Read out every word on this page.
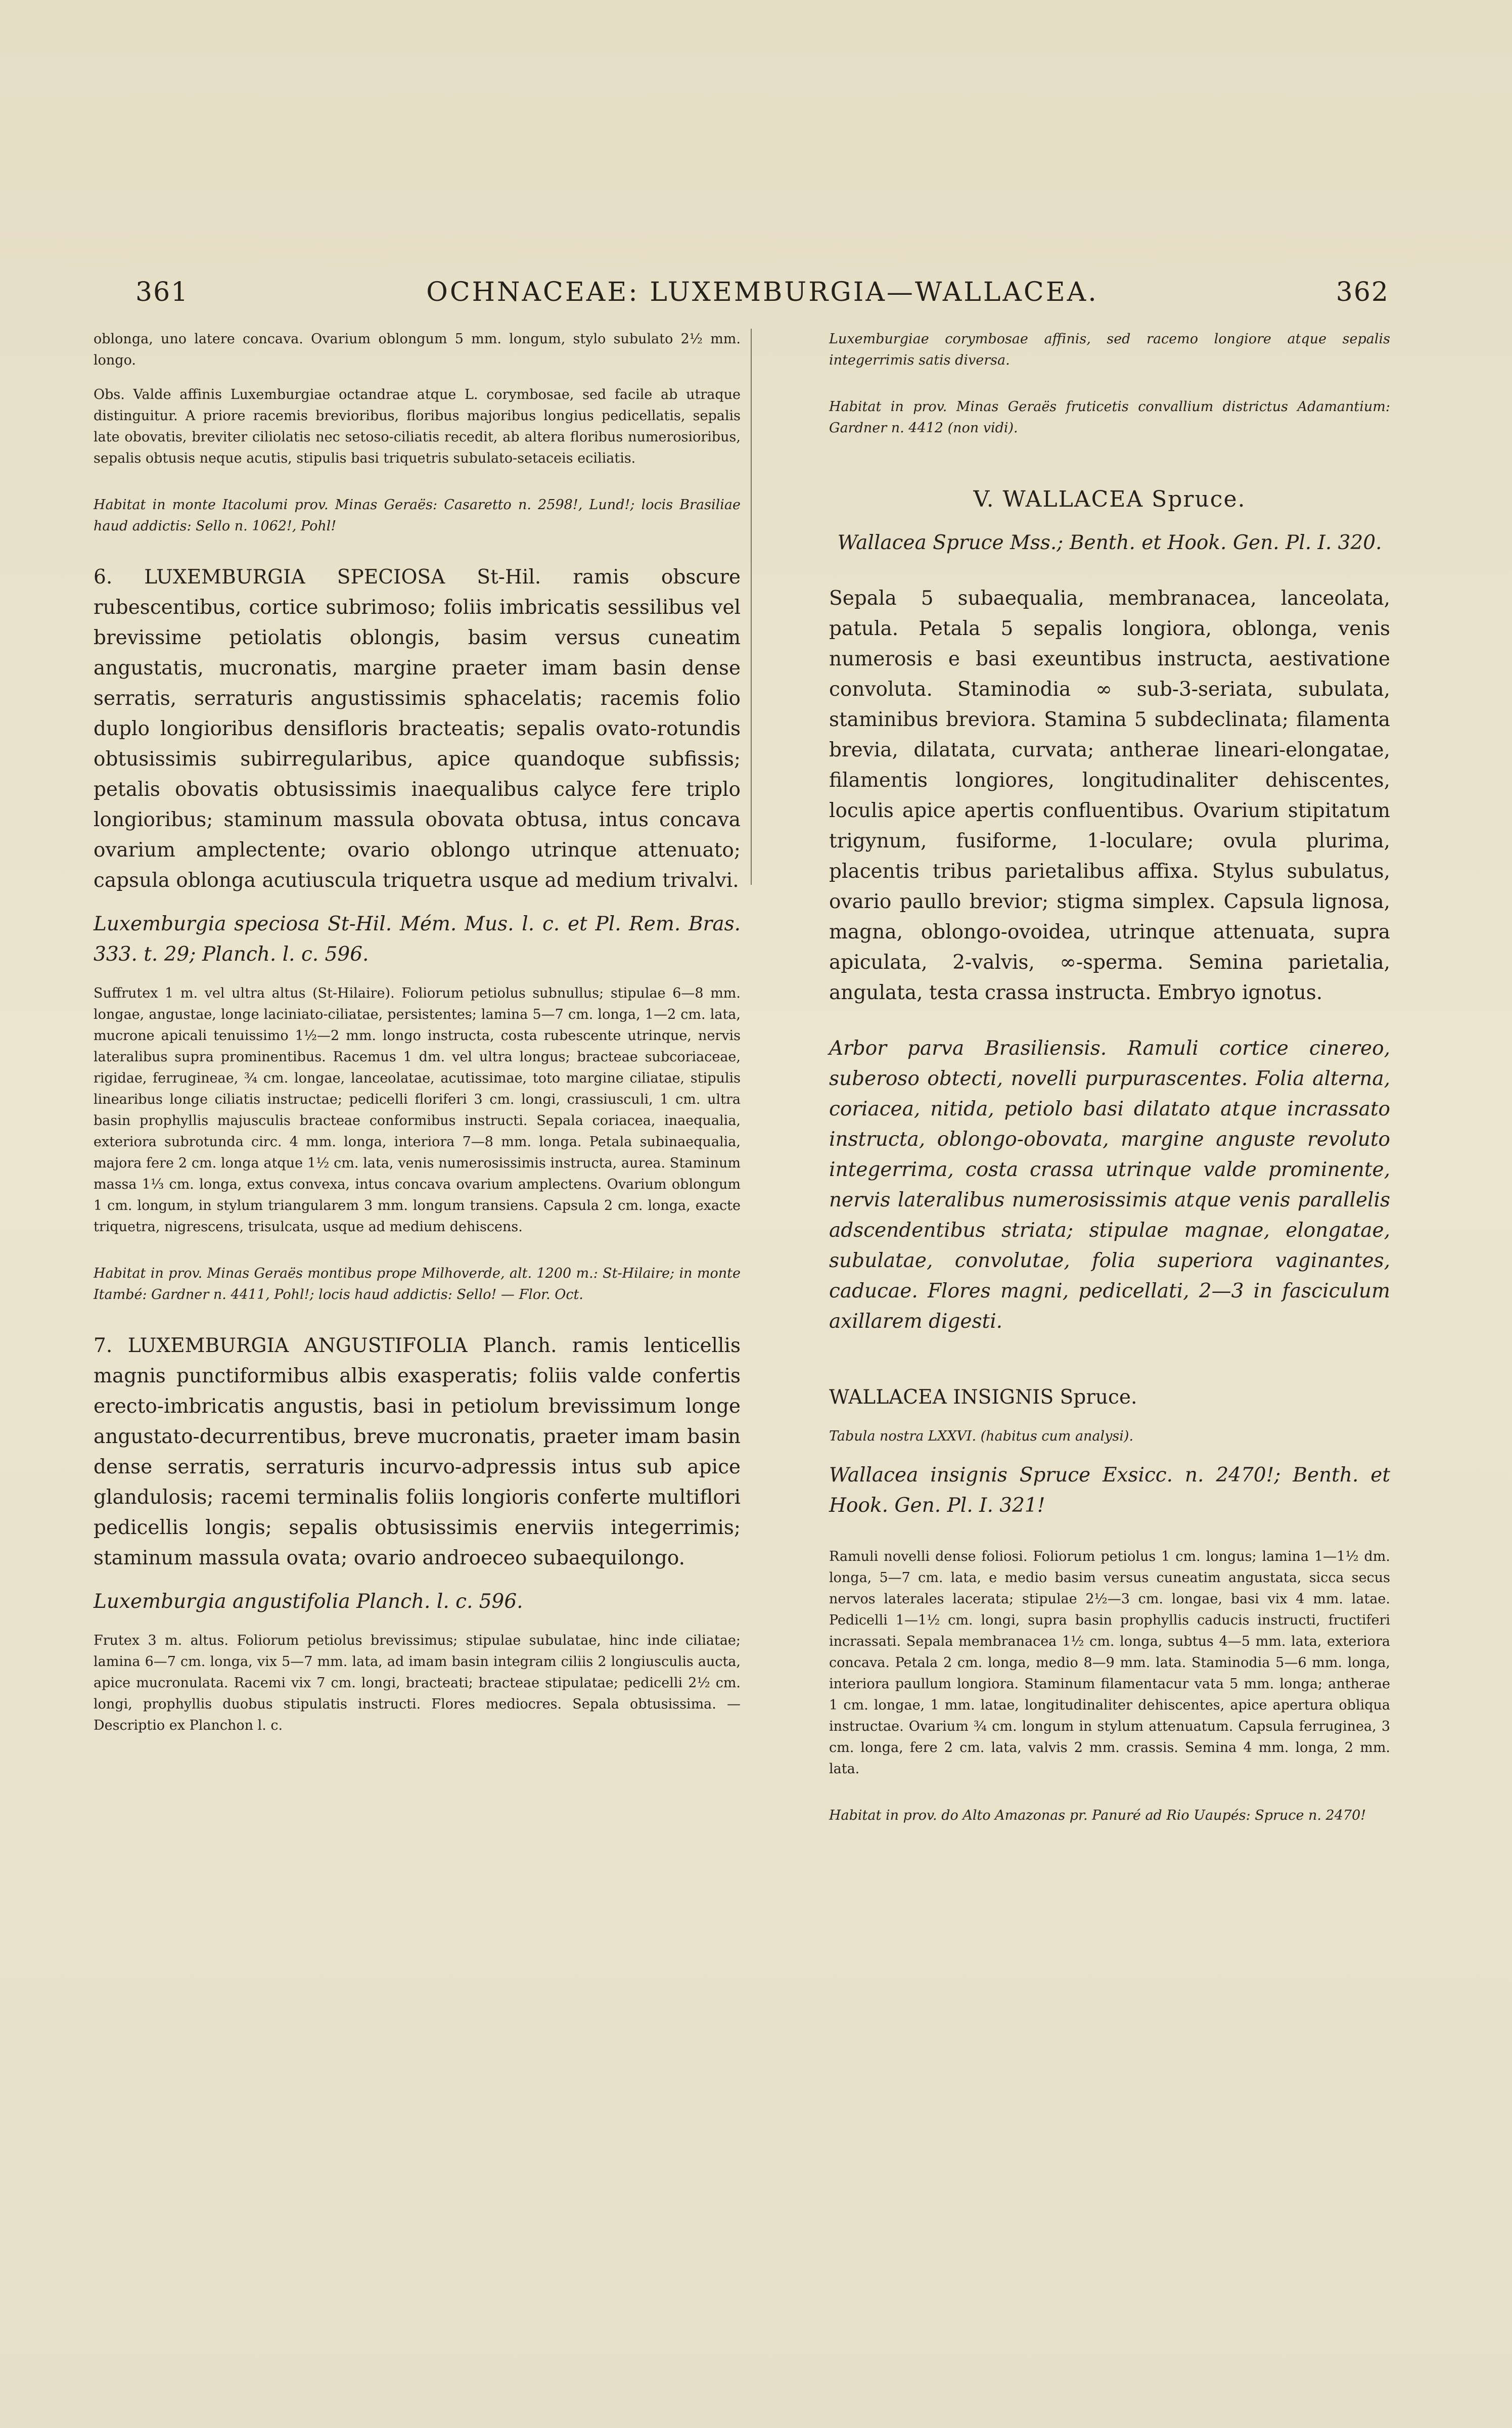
361	OCHNACEAE: LUXEMBURGIA—WALLACEA.	362

oblonga, uno latere concava. Ovarium oblongum 5 mm. longum, stylo subulato 2½ mm. longo.

Obs. Valde affinis Luxemburgiae octandrae atque L. corymbosae, sed facile ab utraque distinguitur. A priore racemis brevioribus, floribus majoribus longius pedicellatis, sepalis late obovatis, breviter ciliolatis nec setoso-ciliatis recedit, ab altera floribus numerosioribus, sepalis obtusis neque acutis, stipulis basi triquetris subulato-setaceis eciliatis.

Habitat in monte Itacolumi prov. Minas Geraës: Casaretto n. 2598!, Lund!; locis Brasiliae haud addictis: Sello n. 1062!, Pohl!

6. LUXEMBURGIA SPECIOSA St-Hil. ramis obscure rubescentibus, cortice subrimoso; foliis imbricatis sessilibus vel brevissime petiolatis oblongis, basim versus cuneatim angustatis, mucronatis, margine praeter imam basin dense serratis, serraturis angustissimis sphacelatis; racemis folio duplo longioribus densifloris bracteatis; sepalis ovato-rotundis obtusissimis subirregularibus, apice quandoque subfissis; petalis obovatis obtusissimis inaequalibus calyce fere triplo longioribus; staminum massula obovata obtusa, intus concava ovarium amplectente; ovario oblongo utrinque attenuato; capsula oblonga acutiuscula triquetra usque ad medium trivalvi.

Luxemburgia speciosa St-Hil. Mém. Mus. l. c. et Pl. Rem. Bras. 333. t. 29; Planch. l. c. 596.

Suffrutex 1 m. vel ultra altus (St-Hilaire). Foliorum petiolus subnullus; stipulae 6—8 mm. longae, angustae, longe laciniato-ciliatae, persistentes; lamina 5—7 cm. longa, 1—2 cm. lata, mucrone apicali tenuissimo 1½—2 mm. longo instructa, costa rubescente utrinque, nervis lateralibus supra prominentibus. Racemus 1 dm. vel ultra longus; bracteae subcoriaceae, rigidae, ferrugineae, ¾ cm. longae, lanceolatae, acutissimae, toto margine ciliatae, stipulis linearibus longe ciliatis instructae; pedicelli floriferi 3 cm. longi, crassiusculi, 1 cm. ultra basin prophyllis majusculis bracteae conformibus instructi. Sepala coriacea, inaequalia, exteriora subrotunda circ. 4 mm. longa, interiora 7—8 mm. longa. Petala subinaequalia, majora fere 2 cm. longa atque 1½ cm. lata, venis numerosissimis instructa, aurea. Staminum massa 1⅓ cm. longa, extus convexa, intus concava ovarium amplectens. Ovarium oblongum 1 cm. longum, in stylum triangularem 3 mm. longum transiens. Capsula 2 cm. longa, exacte triquetra, nigrescens, trisulcata, usque ad medium dehiscens.

Habitat in prov. Minas Geraës montibus prope Milhoverde, alt. 1200 m.: St-Hilaire; in monte Itambé: Gardner n. 4411, Pohl!; locis haud addictis: Sello! — Flor. Oct.

7. LUXEMBURGIA ANGUSTIFOLIA Planch. ramis lenticellis magnis punctiformibus albis exasperatis; foliis valde confertis erecto-imbricatis angustis, basi in petiolum brevissimum longe angustato-decurrentibus, breve mucronatis, praeter imam basin dense serratis, serraturis incurvo-adpressis intus sub apice glandulosis; racemi terminalis foliis longioris conferte multiflori pedicellis longis; sepalis obtusissimis enerviis integerrimis; staminum massula ovata; ovario androeceo subaequilongo.

Luxemburgia angustifolia Planch. l. c. 596.

Frutex 3 m. altus. Foliorum petiolus brevissimus; stipulae subulatae, hinc inde ciliatae; lamina 6—7 cm. longa, vix 5—7 mm. lata, ad imam basin integram ciliis 2 longiusculis aucta, apice mucronulata. Racemi vix 7 cm. longi, bracteati; bracteae stipulatae; pedicelli 2½ cm. longi, prophyllis duobus stipulatis instructi. Flores mediocres. Sepala obtusissima. — Descriptio ex Planchon l. c.

Luxemburgiae corymbosae affinis, sed racemo longiore atque sepalis integerrimis satis diversa.

Habitat in prov. Minas Geraës fruticetis convallium districtus Adamantium: Gardner n. 4412 (non vidi).

V. WALLACEA Spruce.

Wallacea Spruce Mss.; Benth. et Hook. Gen. Pl. I. 320.

Sepala 5 subaequalia, membranacea, lanceolata, patula. Petala 5 sepalis longiora, oblonga, venis numerosis e basi exeuntibus instructa, aestivatione convoluta. Staminodia ∞ sub-3-seriata, subulata, staminibus breviora. Stamina 5 subdeclinata; filamenta brevia, dilatata, curvata; antherae lineari-elongatae, filamentis longiores, longitudinaliter dehiscentes, loculis apice apertis confluentibus. Ovarium stipitatum trigynum, fusiforme, 1-loculare; ovula plurima, placentis tribus parietalibus affixa. Stylus subulatus, ovario paullo brevior; stigma simplex. Capsula lignosa, magna, oblongo-ovoidea, utrinque attenuata, supra apiculata, 2-valvis, ∞-sperma. Semina parietalia, angulata, testa crassa instructa. Embryo ignotus.

Arbor parva Brasiliensis. Ramuli cortice cinereo, suberoso obtecti, novelli purpurascentes. Folia alterna, coriacea, nitida, petiolo basi dilatato atque incrassato instructa, oblongo-obovata, margine anguste revoluto integerrima, costa crassa utrinque valde prominente, nervis lateralibus numerosissimis atque venis parallelis adscendentibus striata; stipulae magnae, elongatae, subulatae, convolutae, folia superiora vaginantes, caducae. Flores magni, pedicellati, 2—3 in fasciculum axillarem digesti.

WALLACEA INSIGNIS Spruce.

Tabula nostra LXXVI. (habitus cum analysi).

Wallacea insignis Spruce Exsicc. n. 2470!; Benth. et Hook. Gen. Pl. I. 321!

Ramuli novelli dense foliosi. Foliorum petiolus 1 cm. longus; lamina 1—1½ dm. longa, 5—7 cm. lata, e medio basim versus cuneatim angustata, sicca secus nervos laterales lacerata; stipulae 2½—3 cm. longae, basi vix 4 mm. latae. Pedicelli 1—1½ cm. longi, supra basin prophyllis caducis instructi, fructiferi incrassati. Sepala membranacea 1½ cm. longa, subtus 4—5 mm. lata, exteriora concava. Petala 2 cm. longa, medio 8—9 mm. lata. Staminodia 5—6 mm. longa, interiora paullum longiora. Staminum filamentacur vata 5 mm. longa; antherae 1 cm. longae, 1 mm. latae, longitudinaliter dehiscentes, apice apertura obliqua instructae. Ovarium ¾ cm. longum in stylum attenuatum. Capsula ferruginea, 3 cm. longa, fere 2 cm. lata, valvis 2 mm. crassis. Semina 4 mm. longa, 2 mm. lata.

Habitat in prov. do Alto Amazonas pr. Panuré ad Rio Uaupés: Spruce n. 2470!
